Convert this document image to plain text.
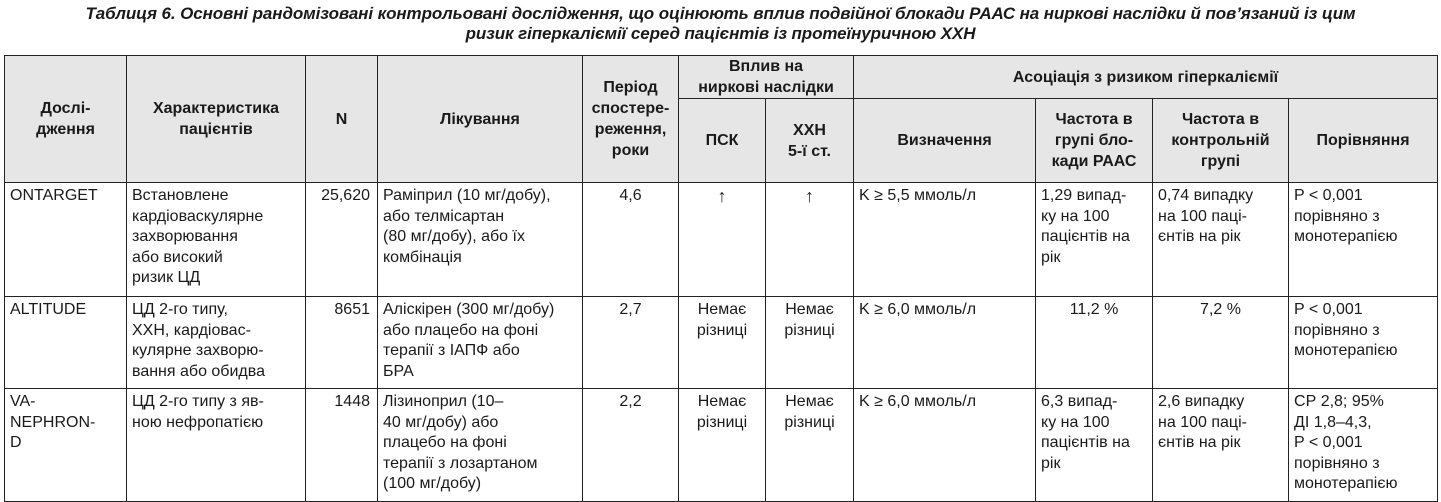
Таблиця 6. Основні рандомізовані контрольовані дослідження, що оцінюють вплив подвійної блокади РААС на ниркові наслідки й пов’язаний із цим
ризик гіперкаліємії серед пацієнтів із протеїнуричною ХХН
Дослі-
дження	Характеристика
пацієнтів	N	Лікування	Період
спостере-
реження,
роки	Вплив на
ниркові наслідки		Асоціація з ризиком гіперкаліємії			
					ПСК	ХХН
5-ї ст.	Визначення	Частота в
групі бло-
кади РААС	Частота в
контрольній
групі	Порівняння
ONTARGET	Встановлене
кардіоваскулярне
захворювання
або високий
ризик ЦД	25,620	Раміприл (10 мг/добу),
або телмісартан
(80 мг/добу), або їх
комбінація	4,6	↑	↑	K ≥ 5,5 ммоль/л	1,29 випад-
ку на 100
пацієнтів на
рік	0,74 випадку
на 100 паці-
єнтів на рік	P < 0,001
порівняно з
монотерапією
ALTITUDE	ЦД 2-го типу,
ХХН, кардіовас-
кулярне захворю-
вання або обидва	8651	Аліскірен (300 мг/добу)
або плацебо на фоні
терапії з ІАПФ або
БРА	2,7	Немає
різниці	Немає
різниці	K ≥ 6,0 ммоль/л	11,2 %	7,2 %	P < 0,001
порівняно з
монотерапією
VA-
NEPHRON-
D	ЦД 2-го типу з яв-
ною нефропатією	1448	Лізиноприл (10–
40 мг/добу) або
плацебо на фоні
терапії з лозартаном
(100 мг/добу)	2,2	Немає
різниці	Немає
різниці	K ≥ 6,0 ммоль/л	6,3 випад-
ку на 100
пацієнтів на
рік	2,6 випадку
на 100 паці-
єнтів на рік	СР 2,8; 95%
ДІ 1,8–4,3,
P < 0,001
порівняно з
монотерапією
